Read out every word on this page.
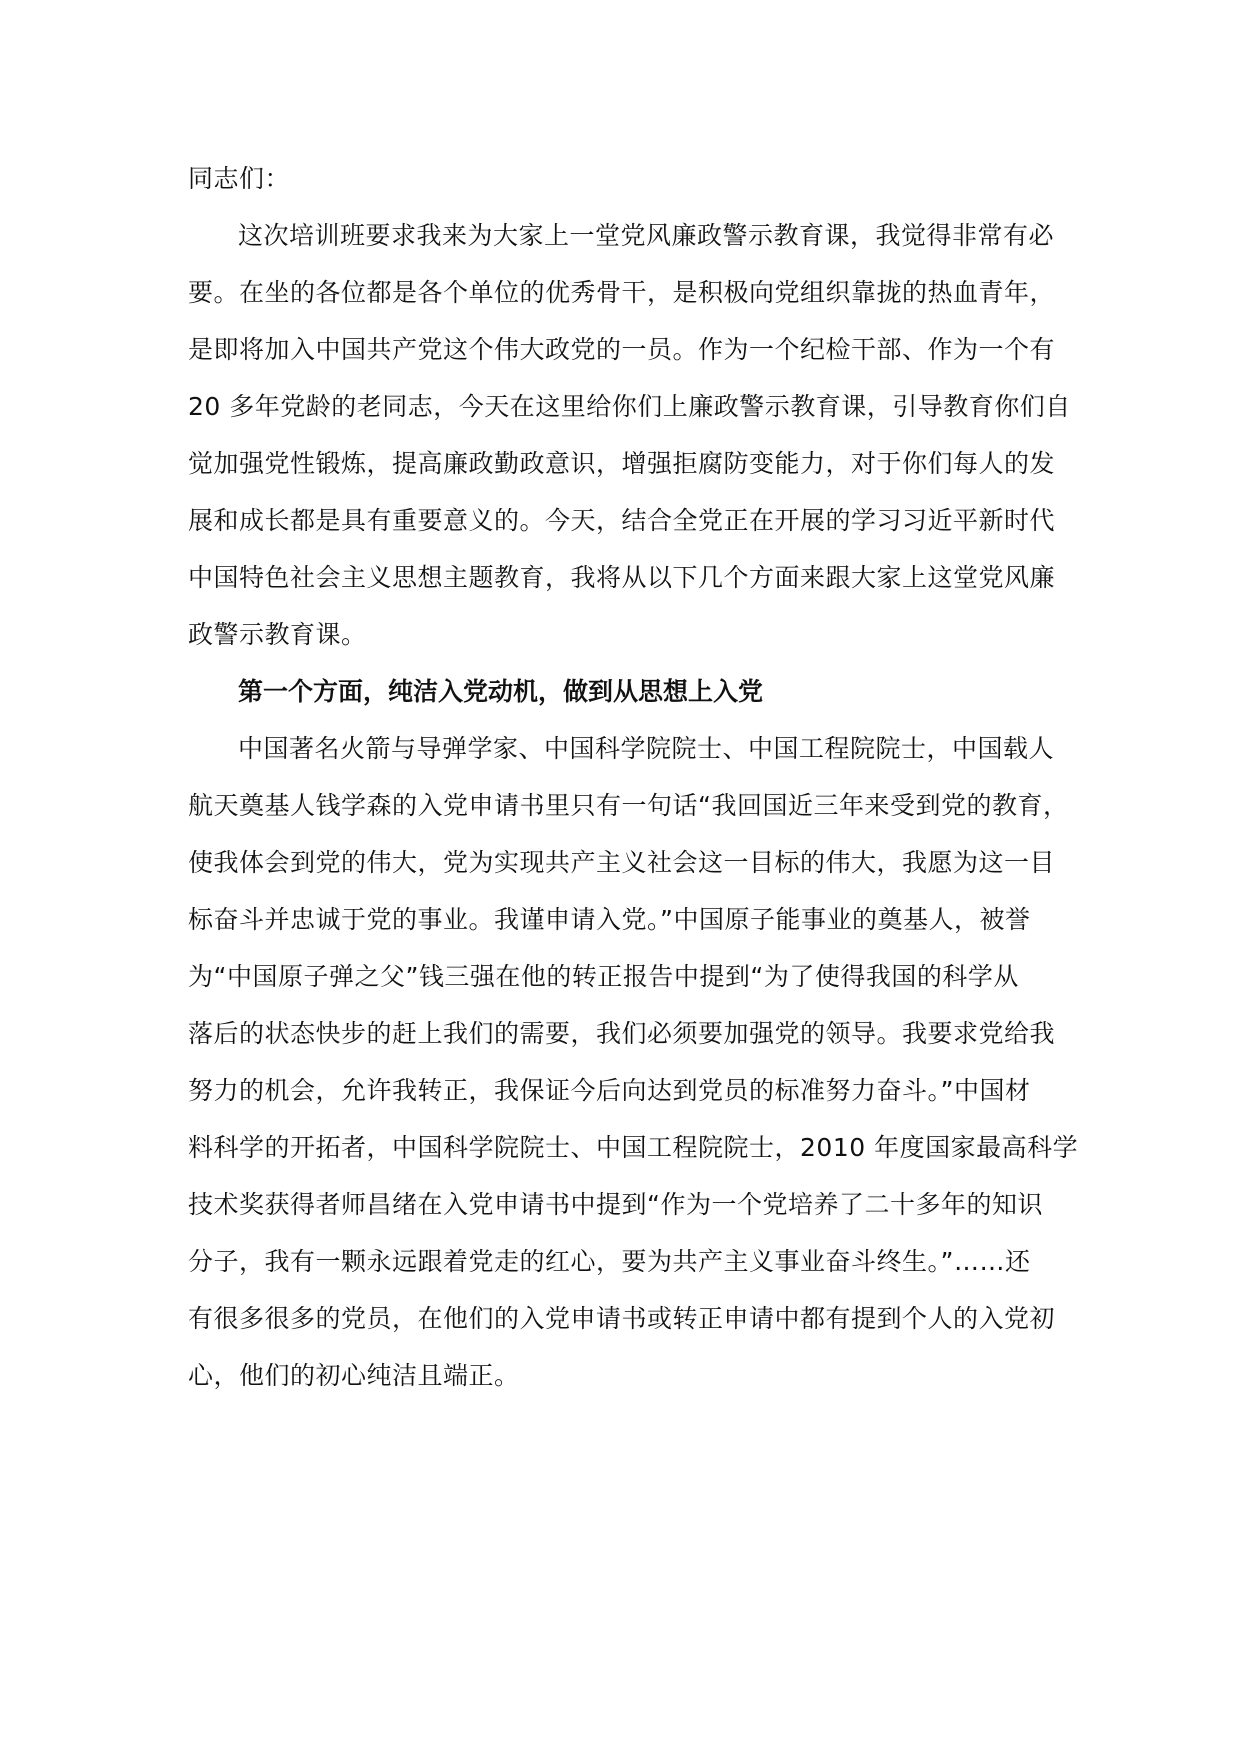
同志们：
这次培训班要求我来为大家上一堂党风廉政警示教育课，我觉得非常有必
要。在坐的各位都是各个单位的优秀骨干，是积极向党组织靠拢的热血青年，
是即将加入中国共产党这个伟大政党的一员。作为一个纪检干部、作为一个有
20 多年党龄的老同志，今天在这里给你们上廉政警示教育课，引导教育你们自
觉加强党性锻炼，提高廉政勤政意识，增强拒腐防变能力，对于你们每人的发
展和成长都是具有重要意义的。今天，结合全党正在开展的学习习近平新时代
中国特色社会主义思想主题教育，我将从以下几个方面来跟大家上这堂党风廉
政警示教育课。
第一个方面，纯洁入党动机，做到从思想上入党
中国著名火箭与导弹学家、中国科学院院士、中国工程院院士，中国载人
航天奠基人钱学森的入党申请书里只有一句话“我回国近三年来受到党的教育，
使我体会到党的伟大，党为实现共产主义社会这一目标的伟大，我愿为这一目
标奋斗并忠诚于党的事业。我谨申请入党。”中国原子能事业的奠基人，被誉
为“中国原子弹之父”钱三强在他的转正报告中提到“为了使得我国的科学从
落后的状态快步的赶上我们的需要，我们必须要加强党的领导。我要求党给我
努力的机会，允许我转正，我保证今后向达到党员的标准努力奋斗。”中国材
料科学的开拓者，中国科学院院士、中国工程院院士，2010 年度国家最高科学
技术奖获得者师昌绪在入党申请书中提到“作为一个党培养了二十多年的知识
分子，我有一颗永远跟着党走的红心，要为共产主义事业奋斗终生。”……还
有很多很多的党员，在他们的入党申请书或转正申请中都有提到个人的入党初
心，他们的初心纯洁且端正。
